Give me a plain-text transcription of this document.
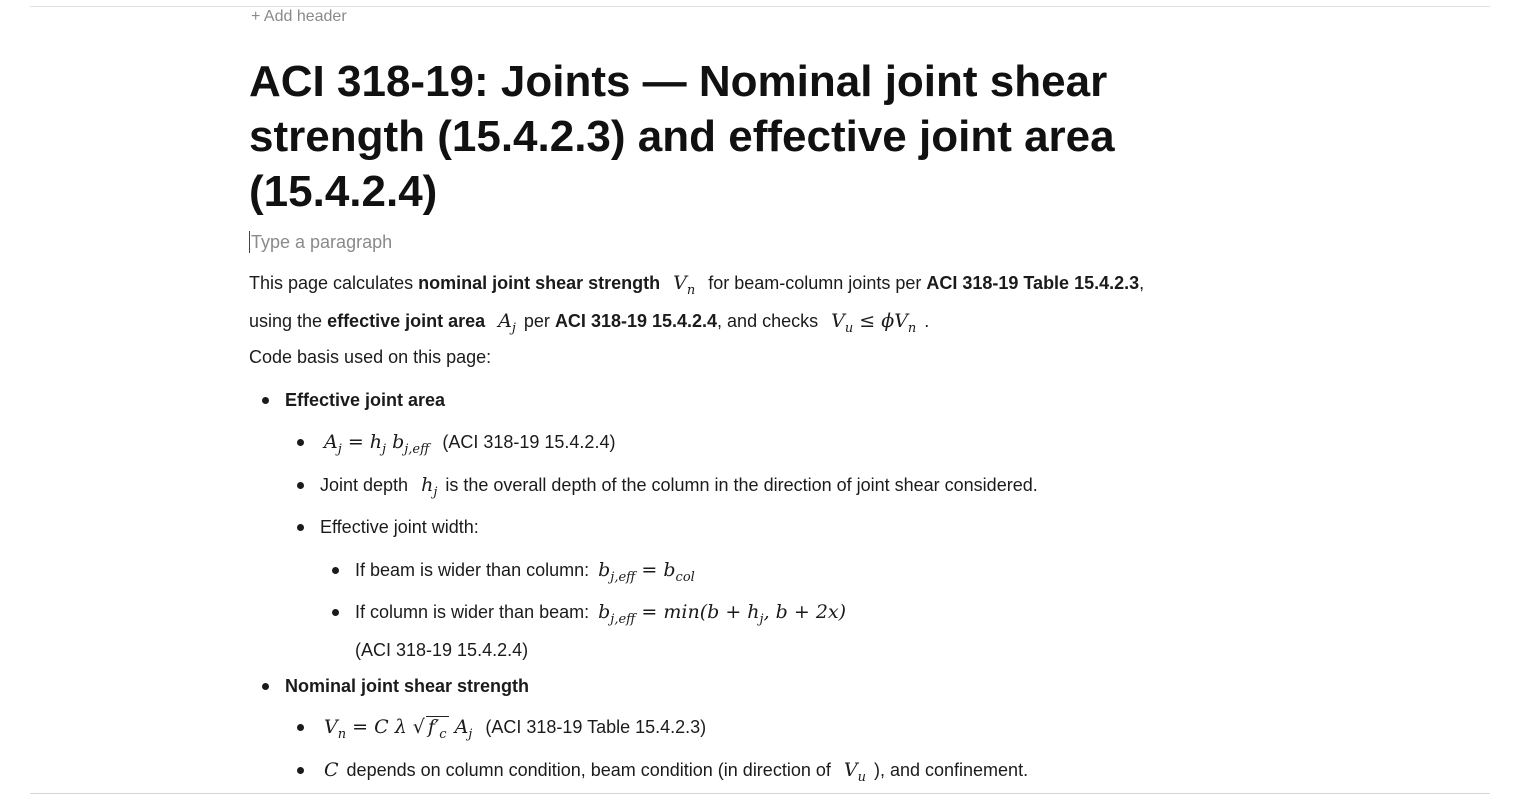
+ Add header
ACI 318-19: Joints — Nominal joint shear strength (15.4.2.3) and effective joint area (15.4.2.4)
Type a paragraph
This page calculates nominal joint shear strength $V_n$ for beam-column joints per ACI 318-19 Table 15.4.2.3,
using the effective joint area $A_j$ per ACI 318-19 15.4.2.4, and checks $V_u \le \phi V_n$ .
Code basis used on this page:
Effective joint area
$A_j = h_j$ $b_{j,eff}$ (ACI 318-19 15.4.2.4)
Joint depth $h_j$ is the overall depth of the column in the direction of joint shear considered.
Effective joint width:
If beam is wider than column: $b_{j,eff} = b_{col}$
If column is wider than beam: $b_{j,eff} = \min(b + h_j$, b + 2x)
(ACI 318-19 15.4.2.4)
Nominal joint shear strength
$V_n = C$ λ √ $f'_c$ $A_j$ (ACI 318-19 Table 15.4.2.3)
C depends on column condition, beam condition (in direction of $V_u$ ), and confinement.
